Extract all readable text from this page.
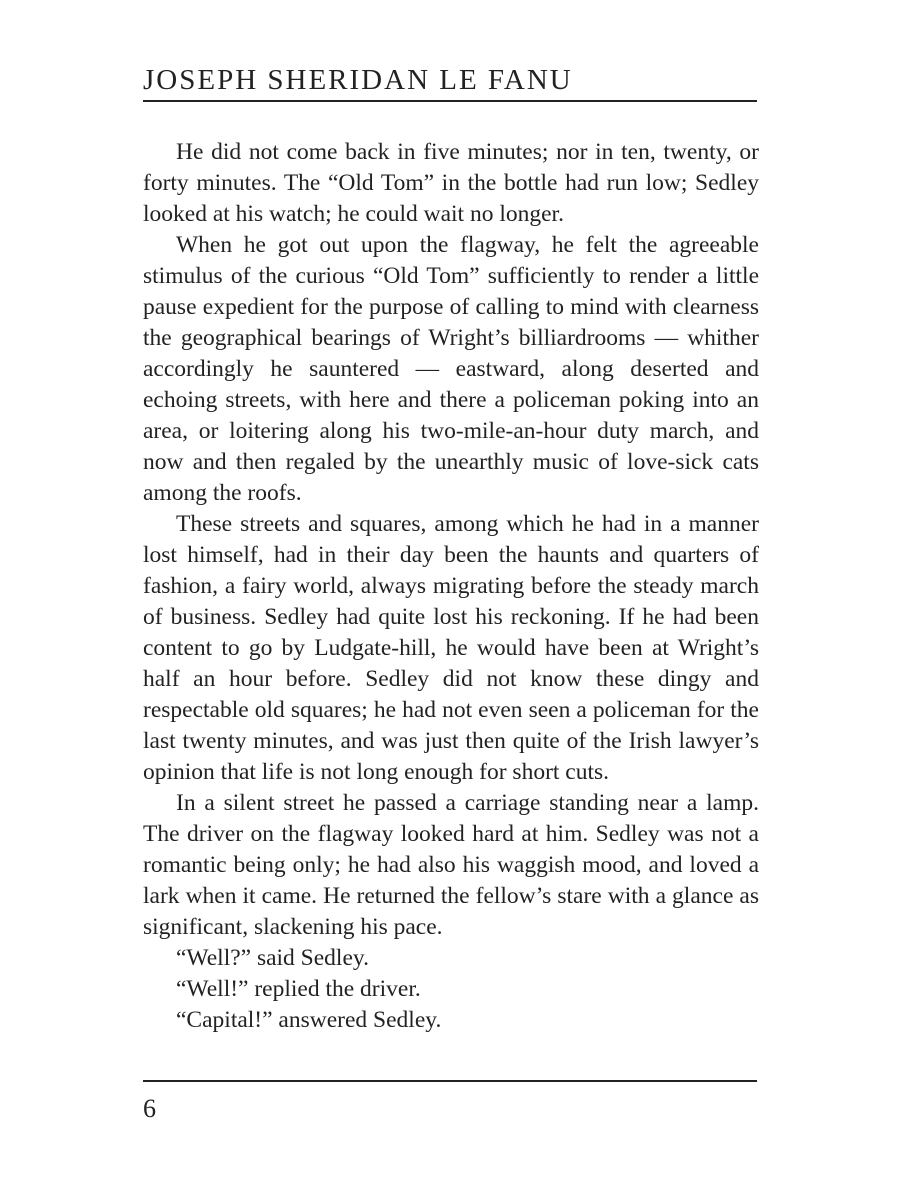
JOSEPH SHERIDAN LE FANU

He did not come back in five minutes; nor in ten, twenty, or forty minutes. The “Old Tom” in the bottle had run low; Sedley looked at his watch; he could wait no longer.

When he got out upon the flagway, he felt the agreeable stimulus of the curious “Old Tom” sufficiently to render a little pause expedient for the purpose of calling to mind with clearness the geographical bearings of Wright’s billiardrooms — whither accordingly he sauntered — eastward, along deserted and echoing streets, with here and there a policeman poking into an area, or loitering along his two-mile-an-hour duty march, and now and then regaled by the unearthly music of love-sick cats among the roofs.

These streets and squares, among which he had in a manner lost himself, had in their day been the haunts and quarters of fashion, a fairy world, always migrating before the steady march of business. Sedley had quite lost his reckoning. If he had been content to go by Ludgate-hill, he would have been at Wright’s half an hour before. Sedley did not know these dingy and respectable old squares; he had not even seen a policeman for the last twenty minutes, and was just then quite of the Irish lawyer’s opinion that life is not long enough for short cuts.

In a silent street he passed a carriage standing near a lamp. The driver on the flagway looked hard at him. Sedley was not a romantic being only; he had also his waggish mood, and loved a lark when it came. He returned the fellow’s stare with a glance as significant, slackening his pace.

“Well?” said Sedley.

“Well!” replied the driver.

“Capital!” answered Sedley.

6
